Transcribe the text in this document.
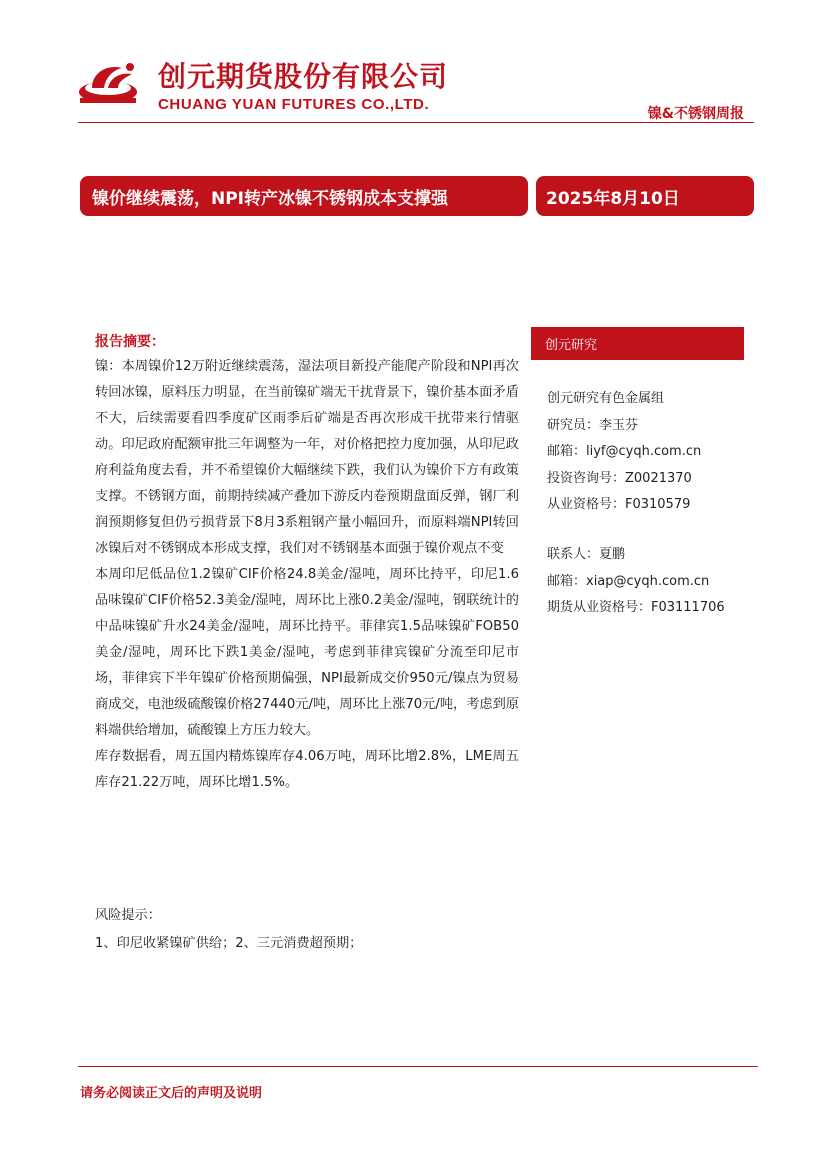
创元期货股份有限公司
CHUANG YUAN FUTURES CO.,LTD.
镍&不锈钢周报
镍价继续震荡，NPI转产冰镍不锈钢成本支撑强	2025年8月10日
报告摘要：

镍：本周镍价12万附近继续震荡，湿法项目新投产能爬产阶段和NPI再次转回冰镍，原料压力明显，在当前镍矿端无干扰背景下，镍价基本面矛盾不大，后续需要看四季度矿区雨季后矿端是否再次形成干扰带来行情驱动。印尼政府配额审批三年调整为一年，对价格把控力度加强，从印尼政府利益角度去看，并不希望镍价大幅继续下跌，我们认为镍价下方有政策支撑。不锈钢方面，前期持续减产叠加下游反内卷预期盘面反弹，钢厂利润预期修复但仍亏损背景下8月3系粗钢产量小幅回升，而原料端NPI转回冰镍后对不锈钢成本形成支撑，我们对不锈钢基本面强于镍价观点不变

本周印尼低品位1.2镍矿CIF价格24.8美金/湿吨，周环比持平，印尼1.6品味镍矿CIF价格52.3美金/湿吨，周环比上涨0.2美金/湿吨，钢联统计的中品味镍矿升水24美金/湿吨，周环比持平。菲律宾1.5品味镍矿FOB50美金/湿吨，周环比下跌1美金/湿吨，考虑到菲律宾镍矿分流至印尼市场，菲律宾下半年镍矿价格预期偏强，NPI最新成交价950元/镍点为贸易商成交，电池级硫酸镍价格27440元/吨，周环比上涨70元/吨，考虑到原料端供给增加，硫酸镍上方压力较大。

库存数据看，周五国内精炼镍库存4.06万吨，周环比增2.8%，LME周五库存21.22万吨，周环比增1.5%。

风险提示：
1、印尼收紧镍矿供给；2、三元消费超预期；
创元研究
创元研究有色金属组
研究员：李玉芬
邮箱：liyf@cyqh.com.cn
投资咨询号：Z0021370
从业资格号：F0310579
联系人：夏鹏
邮箱：xiap@cyqh.com.cn
期货从业资格号：F03111706
请务必阅读正文后的声明及说明
